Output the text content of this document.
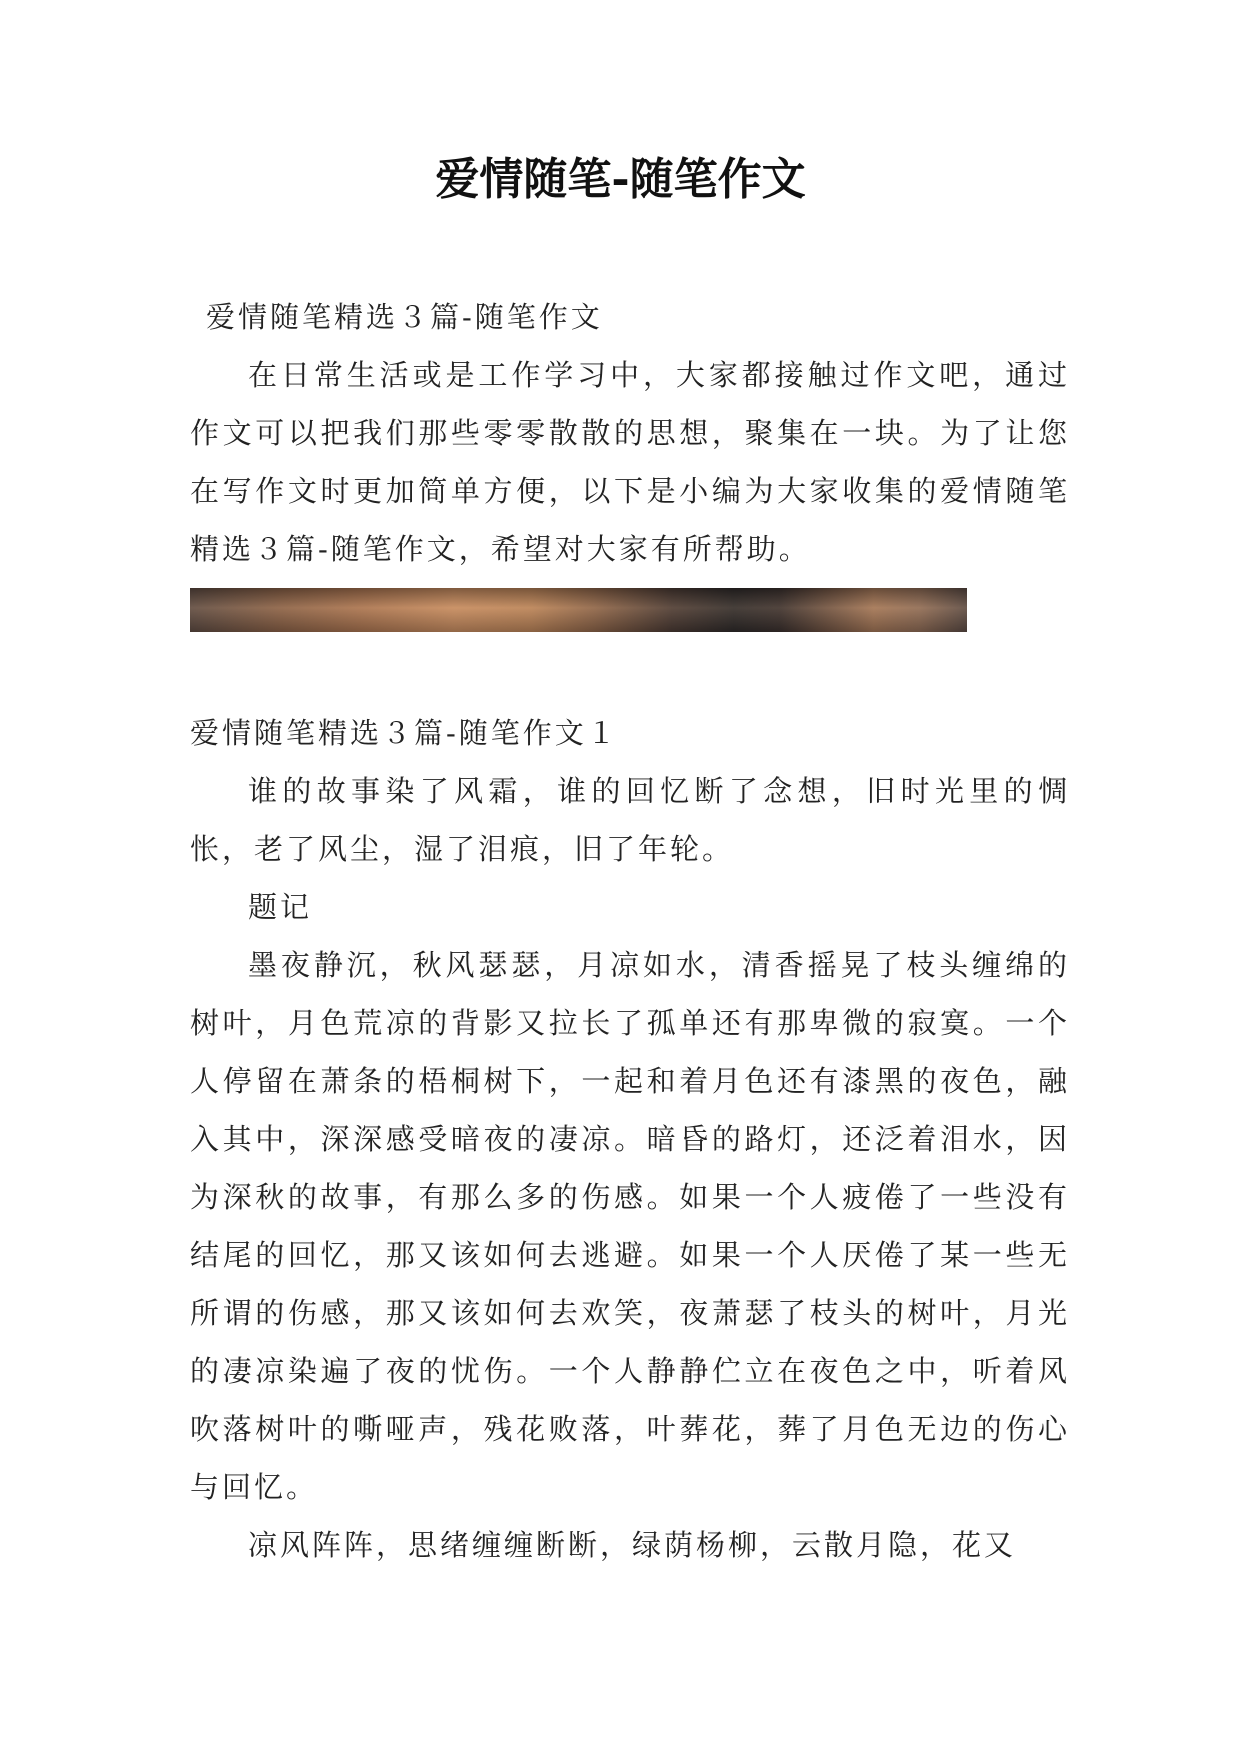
爱情随笔-随笔作文

爱情随笔精选３篇-随笔作文

在日常生活或是工作学习中，大家都接触过作文吧，通过作文可以把我们那些零零散散的思想，聚集在一块。为了让您在写作文时更加简单方便，以下是小编为大家收集的爱情随笔精选３篇-随笔作文，希望对大家有所帮助。

爱情随笔精选３篇-随笔作文１

谁的故事染了风霜，谁的回忆断了念想，旧时光里的惆怅，老了风尘，湿了泪痕，旧了年轮。

题记

墨夜静沉，秋风瑟瑟，月凉如水，清香摇晃了枝头缠绵的树叶，月色荒凉的背影又拉长了孤单还有那卑微的寂寞。一个人停留在萧条的梧桐树下，一起和着月色还有漆黑的夜色，融入其中，深深感受暗夜的凄凉。暗昏的路灯，还泛着泪水，因为深秋的故事，有那么多的伤感。如果一个人疲倦了一些没有结尾的回忆，那又该如何去逃避。如果一个人厌倦了某一些无所谓的伤感，那又该如何去欢笑，夜萧瑟了枝头的树叶，月光的凄凉染遍了夜的忧伤。一个人静静伫立在夜色之中，听着风吹落树叶的嘶哑声，残花败落，叶葬花，葬了月色无边的伤心与回忆。

凉风阵阵，思绪缠缠断断，绿荫杨柳，云散月隐，花又
